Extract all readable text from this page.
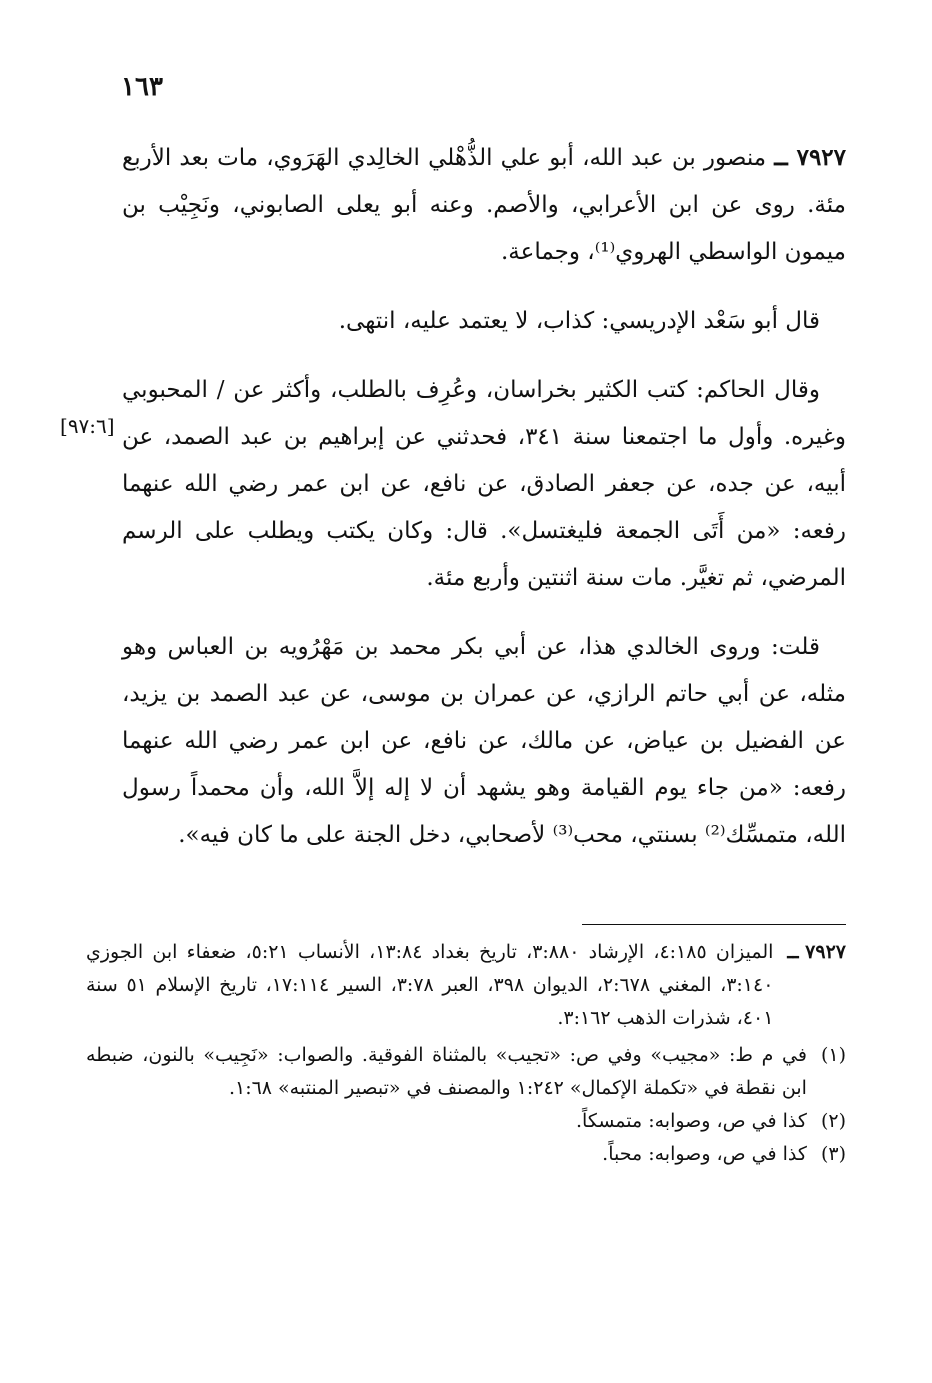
١٦٣
[٩٧:٦]

٧٩٢٧ ــ منصور بن عبد الله، أبو علي الذُّهْلي الخالِدي الهَرَوي، مات بعد الأربع مئة. روى عن ابن الأعرابي، والأصم. وعنه أبو يعلى الصابوني، ونَجِيْب بن ميمون الواسطي الهروي⁽¹⁾، وجماعة.

قال أبو سَعْد الإدريسي: كذاب، لا يعتمد عليه، انتهى.

وقال الحاكم: كتب الكثير بخراسان، وعُرِف بالطلب، وأكثر عن / المحبوبي وغيره. وأول ما اجتمعنا سنة ٣٤١، فحدثني عن إبراهيم بن عبد الصمد، عن أبيه، عن جده، عن جعفر الصادق، عن نافع، عن ابن عمر رضي الله عنهما رفعه: «من أَتَى الجمعة فليغتسل». قال: وكان يكتب ويطلب على الرسم المرضي، ثم تغيَّر. مات سنة اثنتين وأربع مئة.

قلت: وروى الخالدي هذا، عن أبي بكر محمد بن مَهْرُويه بن العباس وهو مثله، عن أبي حاتم الرازي، عن عمران بن موسى، عن عبد الصمد بن يزيد، عن الفضيل بن عياض، عن مالك، عن نافع، عن ابن عمر رضي الله عنهما رفعه: «من جاء يوم القيامة وهو يشهد أن لا إله إلاَّ الله، وأن محمداً رسول الله، متمسِّك⁽²⁾ بسنتي، محب⁽³⁾ لأصحابي، دخل الجنة على ما كان فيه».

٧٩٢٧ ــ
الميزان ٤:١٨٥، الإرشاد ٣:٨٨٠، تاريخ بغداد ١٣:٨٤، الأنساب ٥:٢١، ضعفاء ابن الجوزي ٣:١٤٠، المغني ٢:٦٧٨، الديوان ٣٩٨، العبر ٣:٧٨، السير ١٧:١١٤، تاريخ الإسلام ٥١ سنة ٤٠١، شذرات الذهب ٣:١٦٢.
(١)
في م ط: «مجيب» وفي ص: «تجيب» بالمثناة الفوقية. والصواب: «نَجِيب» بالنون، ضبطه ابن نقطة في «تكملة الإكمال» ١:٢٤٢ والمصنف في «تبصير المنتبه» ١:٦٨.
(٢)
كذا في ص، وصوابه: متمسكاً.
(٣)
كذا في ص، وصوابه: محباً.
